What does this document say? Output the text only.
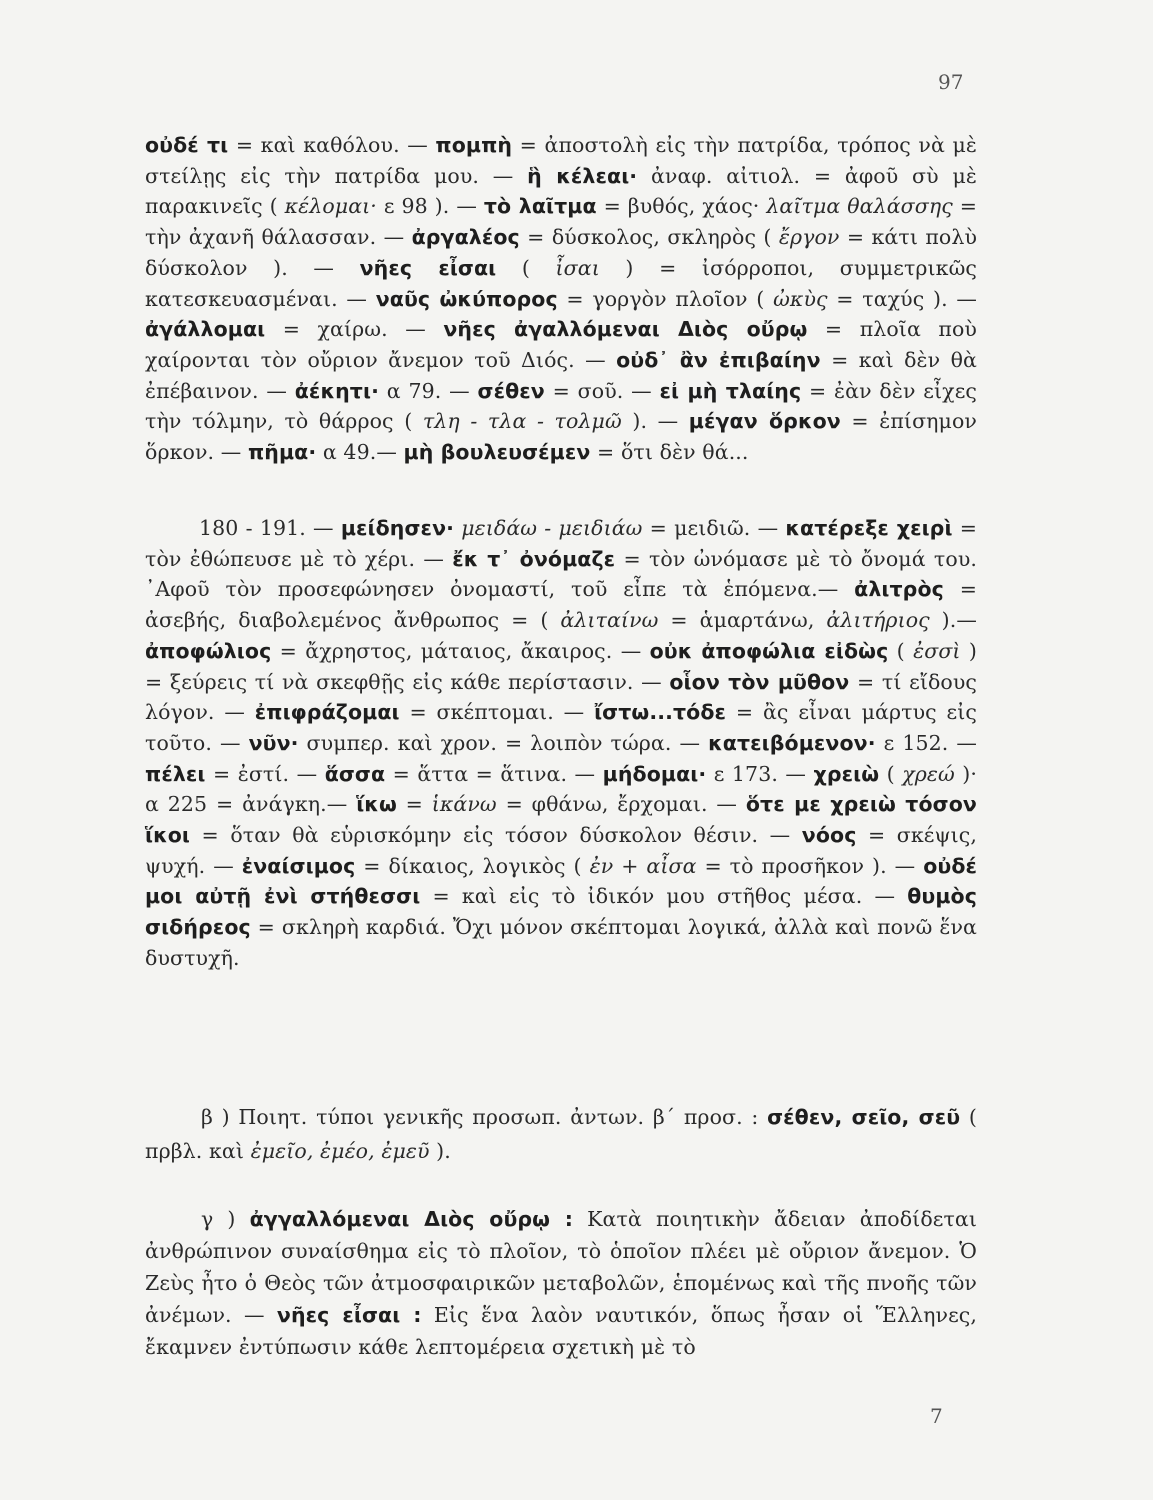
97
οὐδέ τι = καὶ καθόλου. — πομπὴ = ἀποστολὴ εἰς τὴν πατρίδα, τρόπος νὰ μὲ στείλῃς εἰς τὴν πατρίδα μου. — ἣ κέλεαι· ἀναφ. αἰτιολ. = ἀφοῦ σὺ μὲ παρακινεῖς ( κέλομαι· ε 98 ). — τὸ λαῖτμα = βυθός, χάος· λαῖτμα θαλάσσης = τὴν ἀχανῆ θάλασσαν. — ἀργαλέος = δύσκολος, σκληρὸς ( ἔργον = κάτι πολὺ δύσκολον ). — νῆες εἶσαι ( ἶσαι ) = ἰσόρροποι, συμμετρικῶς κατεσκευασμέναι. — ναῦς ὠκύπορος = γοργὸν πλοῖον ( ὠκὺς = ταχύς ). — ἀγάλλομαι = χαίρω. — νῆες ἀγαλλόμεναι Διὸς οὔρῳ = πλοῖα ποὺ χαίρονται τὸν οὔριον ἄνεμον τοῦ Διός. — οὐδ᾽ ἂν ἐπιβαίην = καὶ δὲν θὰ ἐπέβαινον. — ἀέκητι· α 79. — σέθεν = σοῦ. — εἰ μὴ τλαίης = ἐὰν δὲν εἶχες τὴν τόλμην, τὸ θάρρος ( τλη - τλα - τολμῶ ). — μέγαν ὅρκον = ἐπίσημον ὅρκον. — πῆμα· α 49.— μὴ βουλευσέμεν = ὅτι δὲν θά...
180 - 191. — μείδησεν· μειδάω - μειδιάω = μειδιῶ. — κατέρεξε χειρὶ = τὸν ἐθώπευσε μὲ τὸ χέρι. — ἔκ τ᾽ ὀνόμαζε = τὸν ὠνόμασε μὲ τὸ ὄνομά του. ᾽Αφοῦ τὸν προσεφώνησεν ὀνομαστί, τοῦ εἶπε τὰ ἑπόμενα.— ἀλιτρὸς = ἀσεβής, διαβολεμένος ἄνθρωπος = ( ἀλιταίνω = ἁμαρτάνω, ἀλιτήριος ).— ἀποφώλιος = ἄχρηστος, μάταιος, ἄκαιρος. — οὐκ ἀποφώλια εἰδὼς ( ἐσσὶ ) = ξεύρεις τί νὰ σκεφθῇς εἰς κάθε περίστασιν. — οἷον τὸν μῦθον = τί εἴδους λόγον. — ἐπιφράζομαι = σκέπτομαι. — ἴστω...τόδε = ἂς εἶναι μάρτυς εἰς τοῦτο. — νῦν· συμπερ. καὶ χρον. = λοιπὸν τώρα. — κατειβόμενον· ε 152. — πέλει = ἐστί. — ἅσσα = ἅττα = ἅτινα. — μήδομαι· ε 173. — χρειὼ ( χρεώ )· α 225 = ἀνάγκη.— ἵκω = ἱκάνω = φθάνω, ἔρχομαι. — ὅτε με χρειὼ τόσον ἵκοι = ὅταν θὰ εὑρισκόμην εἰς τόσον δύσκολον θέσιν. — νόος = σκέψις, ψυχή. — ἐναίσιμος = δίκαιος, λογικὸς ( ἐν + αἶσα = τὸ προσῆκον ). — οὐδέ μοι αὐτῇ ἐνὶ στήθεσσι = καὶ εἰς τὸ ἰδικόν μου στῆθος μέσα. — θυμὸς σιδήρεος = σκληρὴ καρδιά. Ὄχι μόνον σκέπτομαι λογικά, ἀλλὰ καὶ πονῶ ἕνα δυστυχῆ.
β ) Ποιητ. τύποι γενικῆς προσωπ. ἀντων. β΄ προσ. : σέθεν, σεῖο, σεῦ ( πρβλ. καὶ ἐμεῖο, ἐμέο, ἐμεῦ ).
γ ) ἀγγαλλόμεναι Διὸς οὔρῳ : Κατὰ ποιητικὴν ἄδειαν ἀποδίδεται ἀνθρώπινον συναίσθημα εἰς τὸ πλοῖον, τὸ ὁποῖον πλέει μὲ οὔριον ἄνεμον. Ὁ Ζεὺς ἦτο ὁ Θεὸς τῶν ἀτμοσφαιρικῶν μεταβολῶν, ἑπομένως καὶ τῆς πνοῆς τῶν ἀνέμων. — νῆες εἶσαι : Εἰς ἕνα λαὸν ναυτικόν, ὅπως ἦσαν οἱ Ἕλληνες, ἔκαμνεν ἐντύπωσιν κάθε λεπτομέρεια σχετικὴ μὲ τὸ
7
